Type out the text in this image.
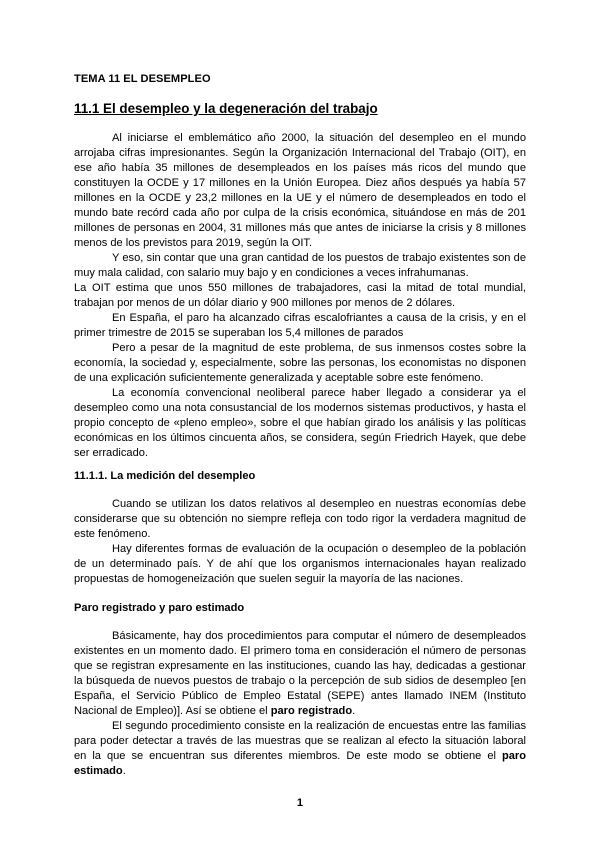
TEMA 11 EL DESEMPLEO
11.1 El desempleo y la degeneración del trabajo

Al iniciarse el emblemático año 2000, la situación del desempleo en el mundo arrojaba cifras impresionantes. Según la Organización Internacional del Trabajo (OIT), en ese año había 35 millones de desempleados en los países más ricos del mundo que constituyen la OCDE y 17 millones en la Unión Europea. Diez años después ya había 57 millones en la OCDE y 23,2 millones en la UE y el número de desempleados en todo el mundo bate recórd cada año por culpa de la crisis económica, situándose en más de 201 millones de personas en 2004, 31 millones más que antes de iniciarse la crisis y 8 millones menos de los previstos para 2019, según la OIT.

Y eso, sin contar que una gran cantidad de los puestos de trabajo existentes son de muy mala calidad, con salario muy bajo y en condiciones a veces infrahumanas.

La OIT estima que unos 550 millones de trabajadores, casi la mitad de total mundial, trabajan por menos de un dólar diario y 900 millones por menos de 2 dólares.

En España, el paro ha alcanzado cifras escalofriantes a causa de la crisis, y en el primer trimestre de 2015 se superaban los 5,4 millones de parados

Pero a pesar de la magnitud de este problema, de sus inmensos costes sobre la economía, la sociedad y, especialmente, sobre las personas, los economistas no disponen de una explicación suficientemente generalizada y aceptable sobre este fenómeno.

La economía convencional neoliberal parece haber llegado a considerar ya el desempleo como una nota consustancial de los modernos sistemas productivos, y hasta el propio concepto de «pleno empleo», sobre el que habían girado los análisis y las políticas económicas en los últimos cincuenta años, se considera, según Friedrich Hayek, que debe ser erradicado.

11.1.1. La medición del desempleo

Cuando se utilizan los datos relativos al desempleo en nuestras economías debe considerarse que su obtención no siempre refleja con todo rigor la verdadera magnitud de este fenómeno.

Hay diferentes formas de evaluación de la ocupación o desempleo de la población de un determinado país. Y de ahí que los organismos internacionales hayan realizado propuestas de homogeneización que suelen seguir la mayoría de las naciones.

Paro registrado y paro estimado

Básicamente, hay dos procedimientos para computar el número de desempleados existentes en un momento dado. El primero toma en consideración el número de personas que se registran expresamente en las instituciones, cuando las hay, dedicadas a gestionar la búsqueda de nuevos puestos de trabajo o la percepción de sub sidios de desempleo [en España, el Servicio Público de Empleo Estatal (SEPE) antes llamado INEM (Instituto Nacional de Empleo)]. Así se obtiene el paro registrado.

El segundo procedimiento consiste en la realización de encuestas entre las familias para poder detectar a través de las muestras que se realizan al efecto la situación laboral en la que se encuentran sus diferentes miembros. De este modo se obtiene el paro estimado.

1
